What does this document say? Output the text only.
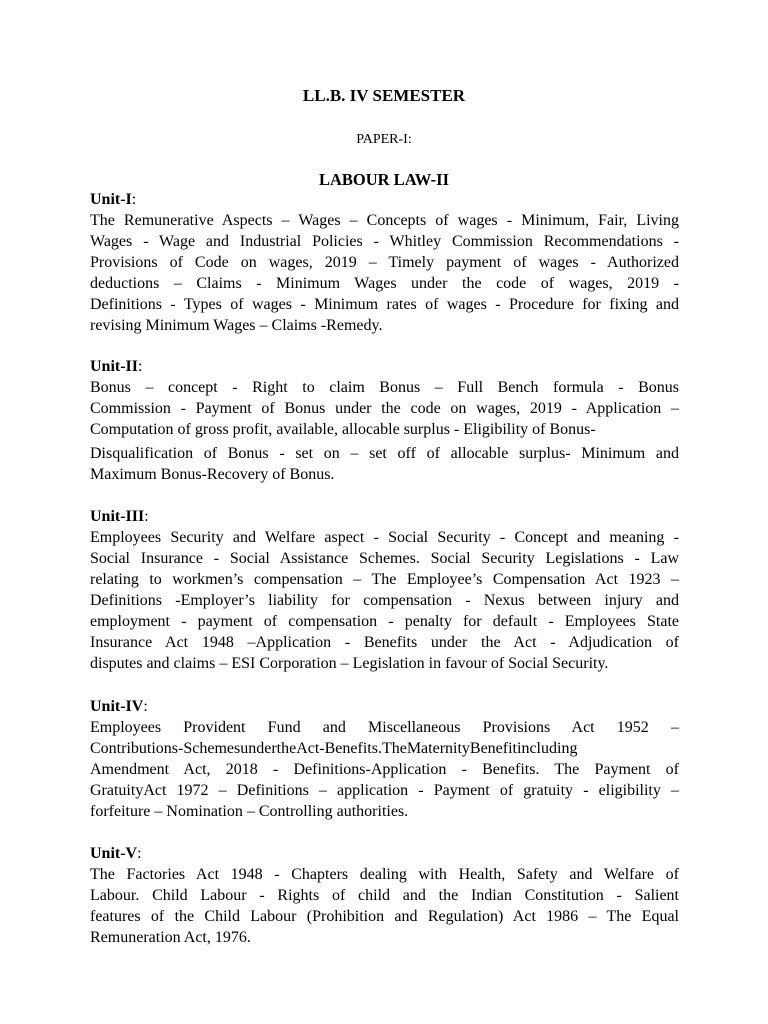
LL.B. IV SEMESTER
PAPER-I:
LABOUR LAW-II
Unit-I:
The Remunerative Aspects – Wages – Concepts of wages - Minimum, Fair, Living
Wages - Wage and Industrial Policies - Whitley Commission Recommendations -
Provisions of Code on wages, 2019 – Timely payment of wages - Authorized
deductions – Claims - Minimum Wages under the code of wages, 2019 -
Definitions - Types of wages - Minimum rates of wages - Procedure for fixing and
revising Minimum Wages – Claims -Remedy.
Unit-II:
Bonus – concept - Right to claim Bonus – Full Bench formula - Bonus
Commission - Payment of Bonus under the code on wages, 2019 - Application –
Computation of gross profit, available, allocable surplus - Eligibility of Bonus-
Disqualification of Bonus - set on – set off of allocable surplus- Minimum and
Maximum Bonus-Recovery of Bonus.
Unit-III:
Employees Security and Welfare aspect - Social Security - Concept and meaning -
Social Insurance - Social Assistance Schemes. Social Security Legislations - Law
relating to workmen’s compensation – The Employee’s Compensation Act 1923 –
Definitions -Employer’s liability for compensation - Nexus between injury and
employment - payment of compensation - penalty for default - Employees State
Insurance Act 1948 –Application - Benefits under the Act - Adjudication of
disputes and claims – ESI Corporation – Legislation in favour of Social Security.
Unit-IV:
Employees Provident Fund and Miscellaneous Provisions Act 1952 –
Contributions-SchemesundertheAct-Benefits.TheMaternityBenefitincluding
Amendment Act, 2018 - Definitions-Application - Benefits. The Payment of
GratuityAct 1972 – Definitions – application - Payment of gratuity - eligibility –
forfeiture – Nomination – Controlling authorities.
Unit-V:
The Factories Act 1948 - Chapters dealing with Health, Safety and Welfare of
Labour. Child Labour - Rights of child and the Indian Constitution - Salient
features of the Child Labour (Prohibition and Regulation) Act 1986 – The Equal
Remuneration Act, 1976.
